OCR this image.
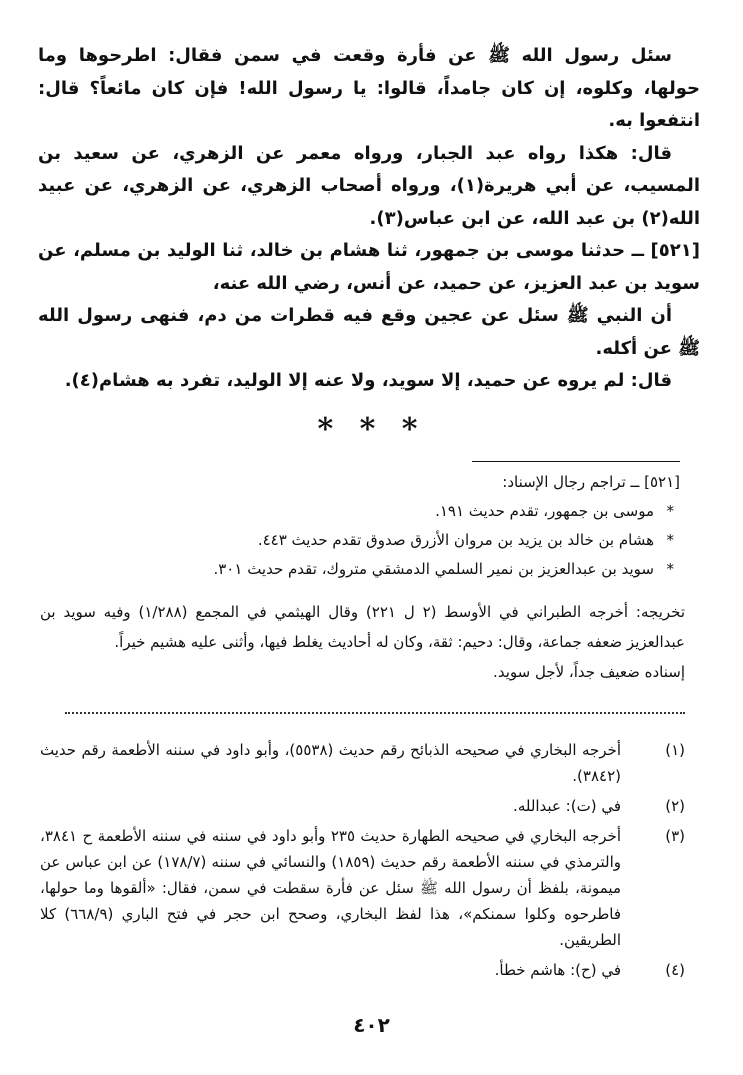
سئل رسول الله ﷺ عن فأرة وقعت في سمن فقال: اطرحوها وما حولها، وكلوه، إن كان جامداً، قالوا: يا رسول الله! فإن كان مائعاً؟ قال: انتفعوا به.

قال: هكذا رواه عبد الجبار، ورواه معمر عن الزهري، عن سعيد بن المسيب، عن أبي هريرة(١)، ورواه أصحاب الزهري، عن الزهري، عن عبيد الله(٢) بن عبد الله، عن ابن عباس(٣).

[٥٢١] ــ حدثنا موسى بن جمهور، ثنا هشام بن خالد، ثنا الوليد بن مسلم، عن سويد بن عبد العزيز، عن حميد، عن أنس، رضي الله عنه،

أن النبي ﷺ سئل عن عجين وقع فيه قطرات من دم، فنهى رسول الله ﷺ عن أكله.

قال: لم يروه عن حميد، إلا سويد، ولا عنه إلا الوليد، تفرد به هشام(٤).

* * *

[٥٢١] ــ تراجم رجال الإسناد:

*
موسى بن جمهور، تقدم حديث ١٩١.

*
هشام بن خالد بن يزيد بن مروان الأزرق صدوق تقدم حديث ٤٤٣.

*
سويد بن عبدالعزيز بن نمير السلمي الدمشقي متروك، تقدم حديث ٣٠١.

تخريجه: أخرجه الطبراني في الأوسط (٢ ل ٢٢١) وقال الهيثمي في المجمع (١/٢٨٨) وفيه سويد بن عبدالعزيز ضعفه جماعة، وقال: دحيم: ثقة، وكان له أحاديث يغلط فيها، وأثنى عليه هشيم خيراً.

إسناده ضعيف جداً، لأجل سويد.

(١)
أخرجه البخاري في صحيحه الذبائح رقم حديث (٥٥٣٨)، وأبو داود في سننه الأطعمة رقم حديث (٣٨٤٢).
(٢)
في (ت): عبدالله.
(٣)
أخرجه البخاري في صحيحه الطهارة حديث ٢٣٥ وأبو داود في سننه في سننه الأطعمة ح ٣٨٤١، والترمذي في سننه الأطعمة رقم حديث (١٨٥٩) والنسائي في سننه (١٧٨/٧) عن ابن عباس عن ميمونة، بلفظ أن رسول الله ﷺ سئل عن فأرة سقطت في سمن، فقال: «ألقوها وما حولها، فاطرحوه وكلوا سمنكم»، هذا لفظ البخاري، وصحح ابن حجر في فتح الباري (٦٦٨/٩) كلا الطريقين.
(٤)
في (ح): هاشم خطأ.
٤٠٢
